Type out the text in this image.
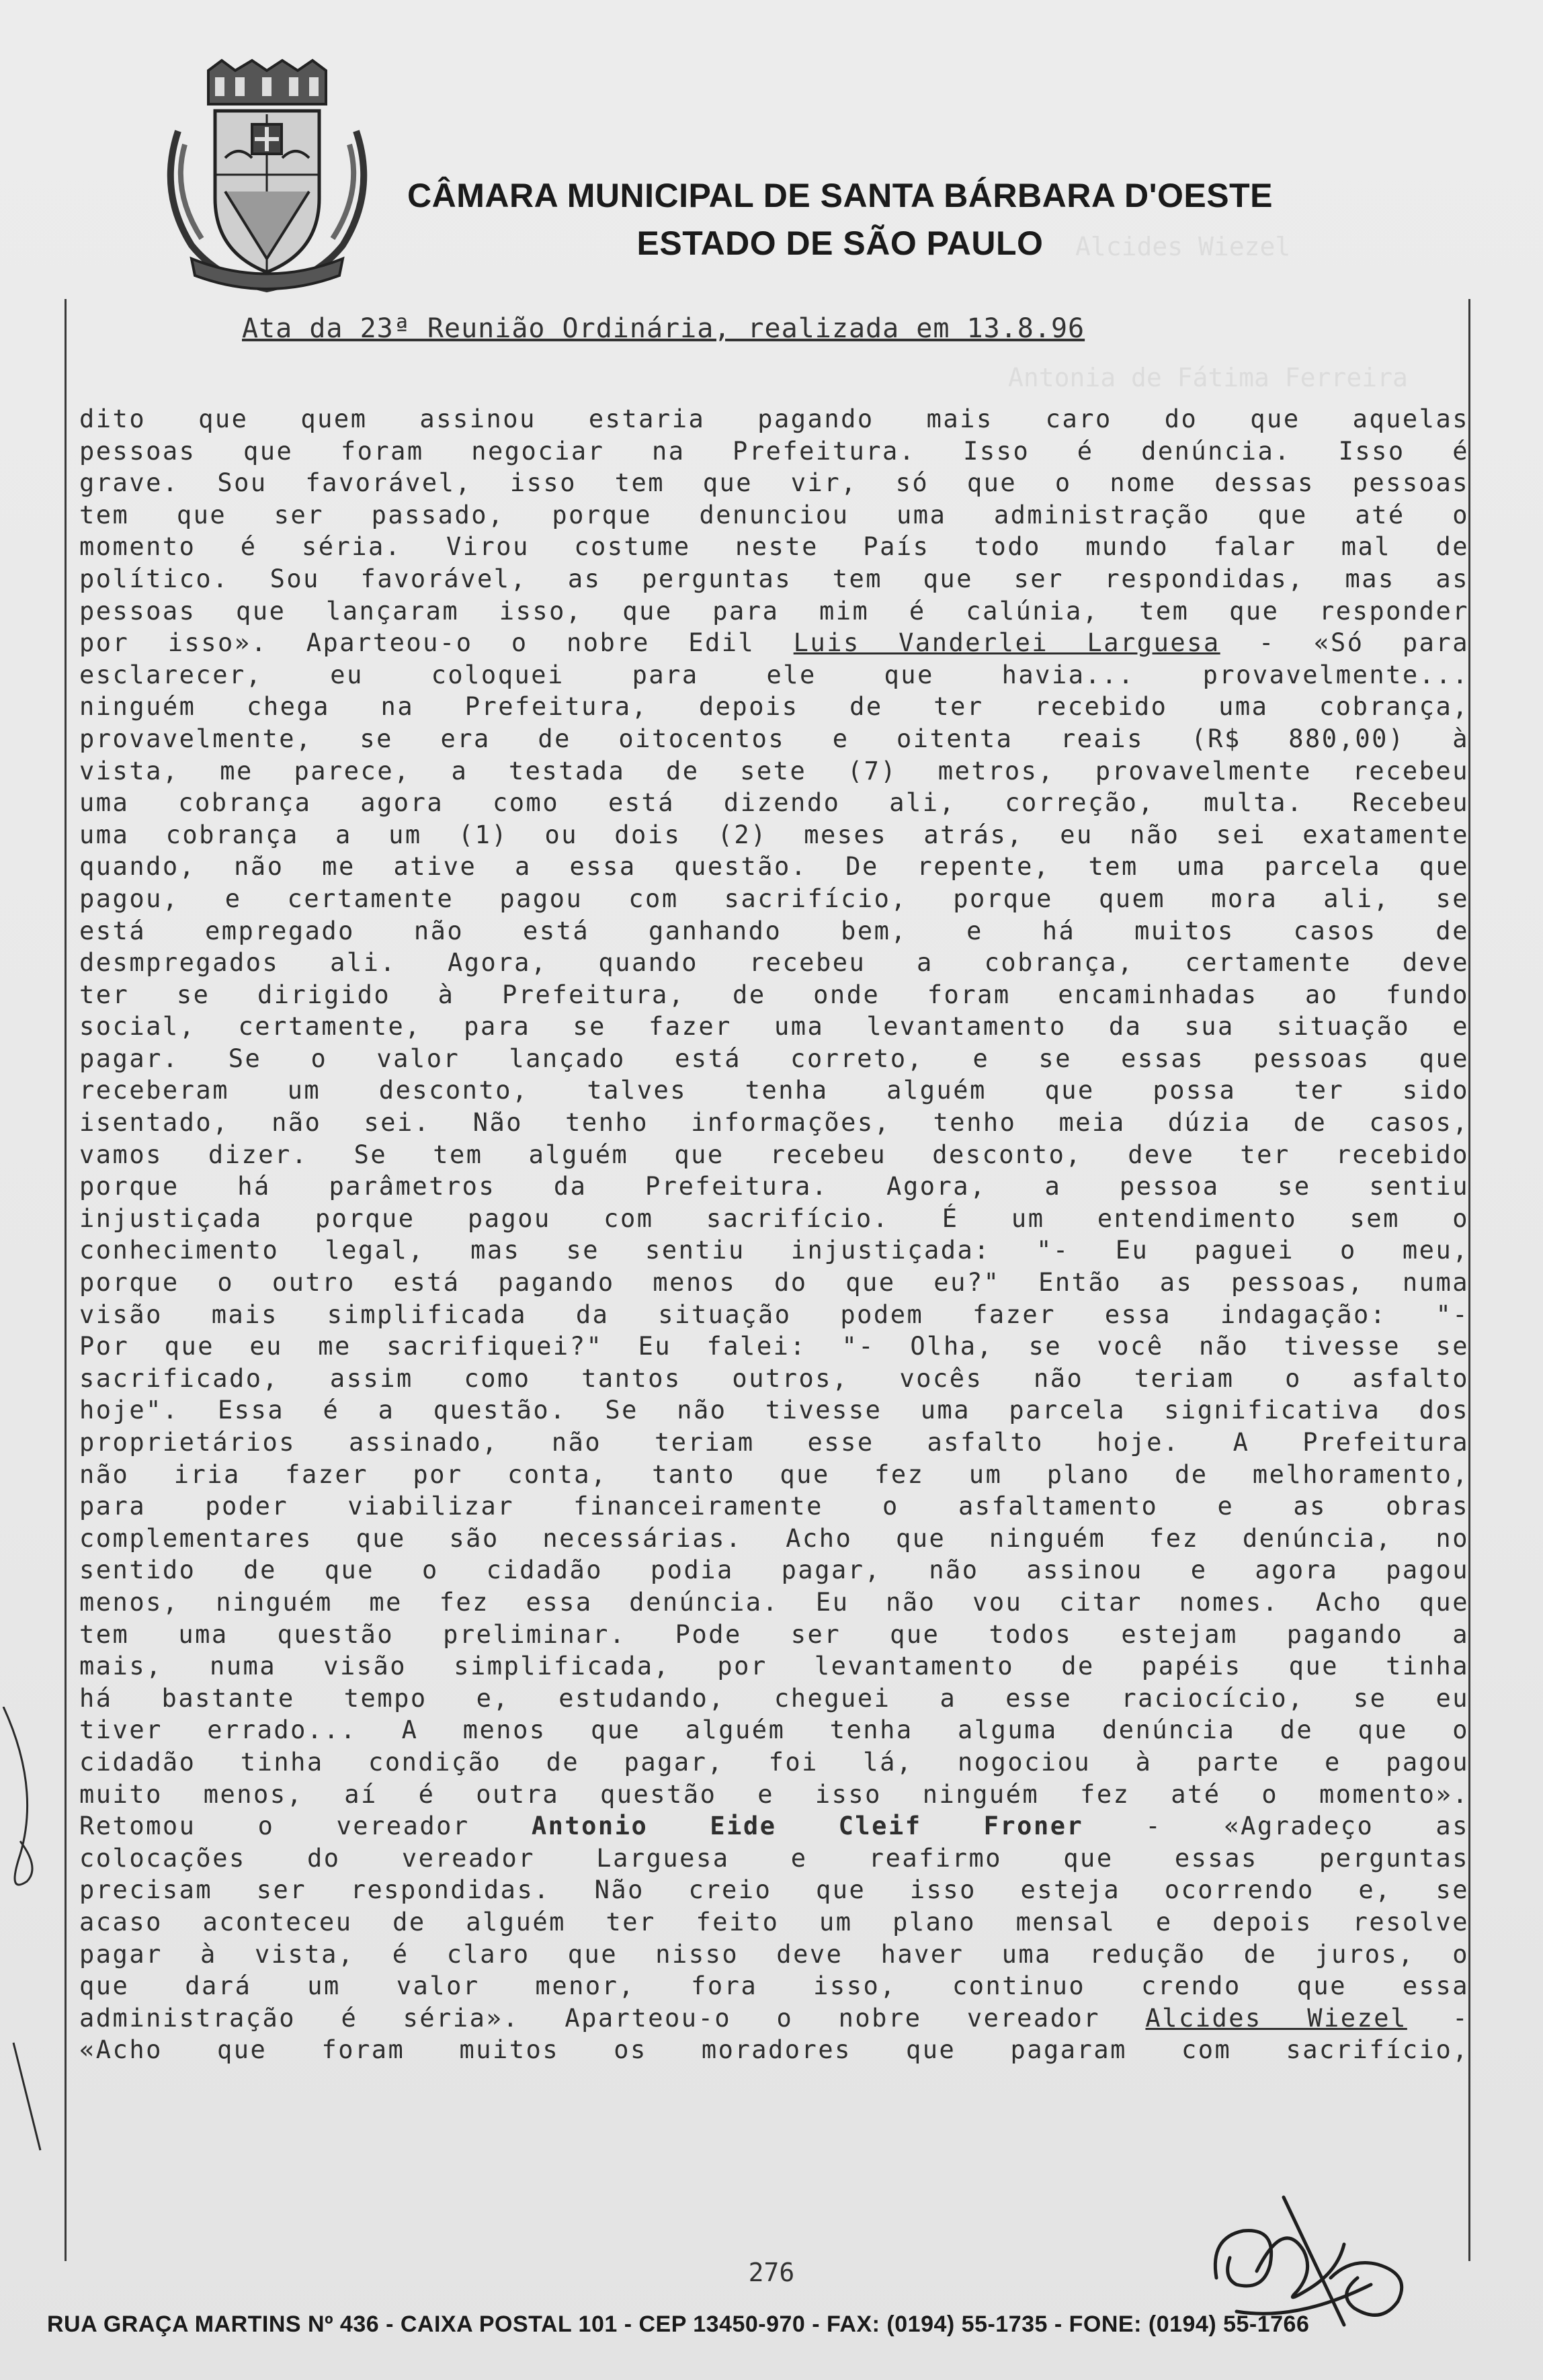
Alcides Wiezel
Antonia de Fátima Ferreira
CÂMARA MUNICIPAL DE SANTA BÁRBARA D'OESTE
ESTADO DE SÃO PAULO
Ata da 23ª Reunião Ordinária, realizada em 13.8.96
dito que quem assinou estaria pagando mais caro do que aquelas
pessoas que foram negociar na Prefeitura. Isso é denúncia. Isso é
grave. Sou favorável, isso tem que vir, só que o nome dessas pessoas
tem que ser passado, porque denunciou uma administração que até o
momento é séria. Virou costume neste País todo mundo falar mal de
político. Sou favorável, as perguntas tem que ser respondidas, mas as
pessoas que lançaram isso, que para mim é calúnia, tem que responder
por isso». Aparteou-o o nobre Edil Luis Vanderlei Larguesa - «Só para
esclarecer, eu coloquei para ele que havia... provavelmente...
ninguém chega na Prefeitura, depois de ter recebido uma cobrança,
provavelmente, se era de oitocentos e oitenta reais (R$ 880,00) à
vista, me parece, a testada de sete (7) metros, provavelmente recebeu
uma cobrança agora como está dizendo ali, correção, multa. Recebeu
uma cobrança a um (1) ou dois (2) meses atrás, eu não sei exatamente
quando, não me ative a essa questão. De repente, tem uma parcela que
pagou, e certamente pagou com sacrifício, porque quem mora ali, se
está empregado não está ganhando bem, e há muitos casos de
desmpregados ali. Agora, quando recebeu a cobrança, certamente deve
ter se dirigido à Prefeitura, de onde foram encaminhadas ao fundo
social, certamente, para se fazer uma levantamento da sua situação e
pagar. Se o valor lançado está correto, e se essas pessoas que
receberam um desconto, talves tenha alguém que possa ter sido
isentado, não sei. Não tenho informações, tenho meia dúzia de casos,
vamos dizer. Se tem alguém que recebeu desconto, deve ter recebido
porque há parâmetros da Prefeitura. Agora, a pessoa se sentiu
injustiçada porque pagou com sacrifício. É um entendimento sem o
conhecimento legal, mas se sentiu injustiçada: "- Eu paguei o meu,
porque o outro está pagando menos do que eu?" Então as pessoas, numa
visão mais simplificada da situação podem fazer essa indagação: "-
Por que eu me sacrifiquei?" Eu falei: "- Olha, se você não tivesse se
sacrificado, assim como tantos outros, vocês não teriam o asfalto
hoje". Essa é a questão. Se não tivesse uma parcela significativa dos
proprietários assinado, não teriam esse asfalto hoje. A Prefeitura
não iria fazer por conta, tanto que fez um plano de melhoramento,
para poder viabilizar financeiramente o asfaltamento e as obras
complementares que são necessárias. Acho que ninguém fez denúncia, no
sentido de que o cidadão podia pagar, não assinou e agora pagou
menos, ninguém me fez essa denúncia. Eu não vou citar nomes. Acho que
tem uma questão preliminar. Pode ser que todos estejam pagando a
mais, numa visão simplificada, por levantamento de papéis que tinha
há bastante tempo e, estudando, cheguei a esse raciocício, se eu
tiver errado... A menos que alguém tenha alguma denúncia de que o
cidadão tinha condição de pagar, foi lá, nogociou à parte e pagou
muito menos, aí é outra questão e isso ninguém fez até o momento».
Retomou o vereador Antonio Eide Cleif Froner - «Agradeço as
colocações do vereador Larguesa e reafirmo que essas perguntas
precisam ser respondidas. Não creio que isso esteja ocorrendo e, se
acaso aconteceu de alguém ter feito um plano mensal e depois resolve
pagar à vista, é claro que nisso deve haver uma redução de juros, o
que dará um valor menor, fora isso, continuo crendo que essa
administração é séria». Aparteou-o o nobre vereador Alcides Wiezel -
«Acho que foram muitos os moradores que pagaram com sacrifício,
276
RUA GRAÇA MARTINS Nº 436 - CAIXA POSTAL 101 - CEP 13450-970 - FAX: (0194) 55-1735 - FONE: (0194) 55-1766
